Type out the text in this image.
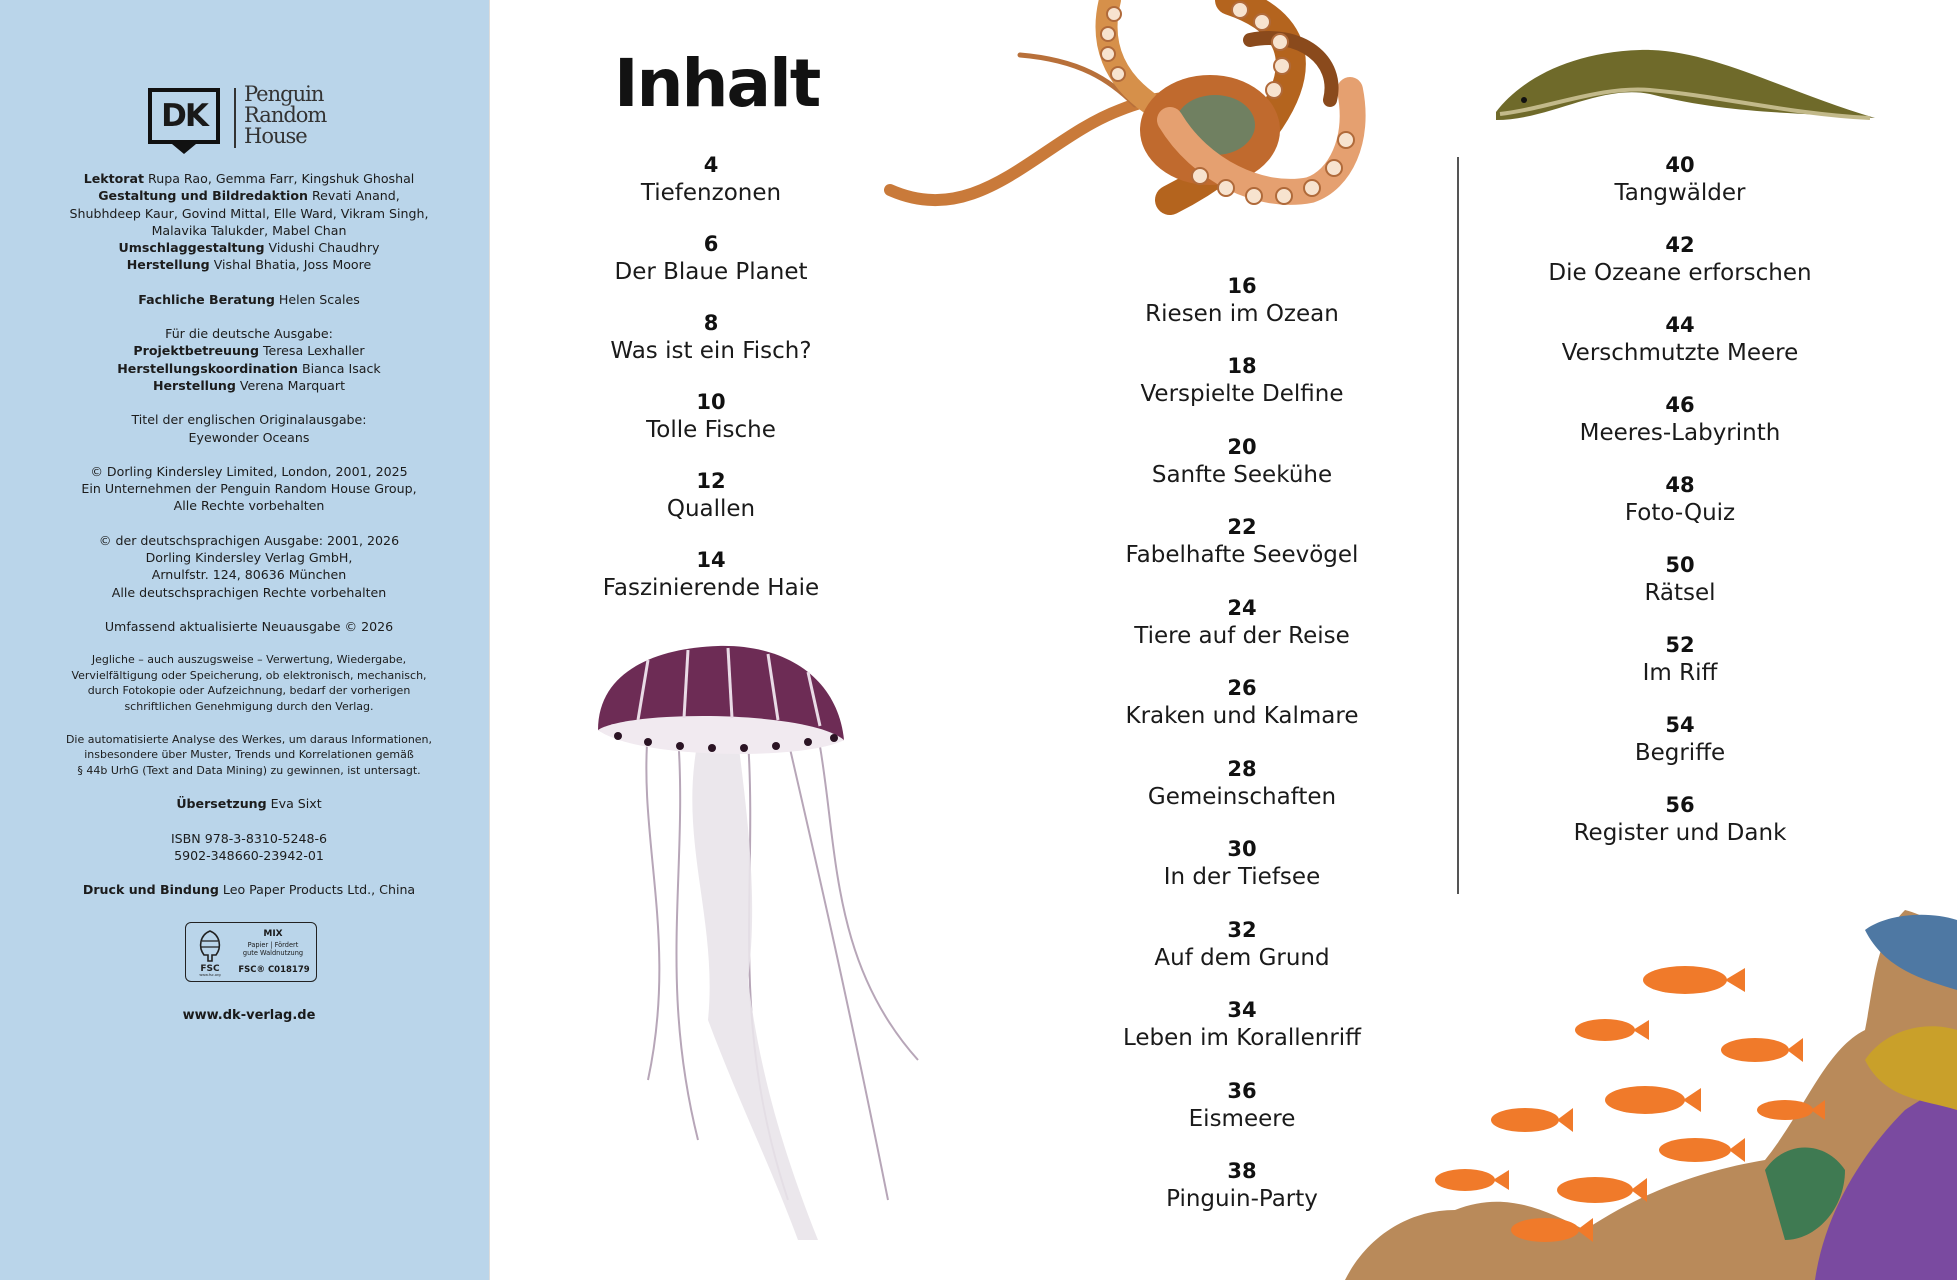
DK
Penguin
Random
House

Lektorat Rupa Rao, Gemma Farr, Kingshuk Ghoshal
Gestaltung und Bildredaktion Revati Anand,
Shubhdeep Kaur, Govind Mittal, Elle Ward, Vikram Singh,
Malavika Talukder, Mabel Chan
Umschlaggestaltung Vidushi Chaudhry
Herstellung Vishal Bhatia, Joss Moore

Fachliche Beratung Helen Scales

Für die deutsche Ausgabe:
Projektbetreuung Teresa Lexhaller
Herstellungskoordination Bianca Isack
Herstellung Verena Marquart

Titel der englischen Originalausgabe:
Eyewonder Oceans

© Dorling Kindersley Limited, London, 2001, 2025
Ein Unternehmen der Penguin Random House Group,
Alle Rechte vorbehalten

© der deutschsprachigen Ausgabe: 2001, 2026
Dorling Kindersley Verlag GmbH,
Arnulfstr. 124, 80636 München
Alle deutschsprachigen Rechte vorbehalten

Umfassend aktualisierte Neuausgabe © 2026

Jegliche – auch auszugsweise – Verwertung, Wiedergabe,
Vervielfältigung oder Speicherung, ob elektronisch, mechanisch,
durch Fotokopie oder Aufzeichnung, bedarf der vorherigen
schriftlichen Genehmigung durch den Verlag.

Die automatisierte Analyse des Werkes, um daraus Informationen,
insbesondere über Muster, Trends und Korrelationen gemäß
§ 44b UrhG (Text and Data Mining) zu gewinnen, ist untersagt.

Übersetzung Eva Sixt

ISBN 978-3-8310-5248-6
5902-348660-23942-01

Druck und Bindung Leo Paper Products Ltd., China

FSC
www.fsc.org
MIX
Papier | Fördert
gute Waldnutzung
FSC® C018179
www.dk-verlag.de
Inhalt
4
Tiefenzonen
6
Der Blaue Planet
8
Was ist ein Fisch?
10
Tolle Fische
12
Quallen
14
Faszinierende Haie
16
Riesen im Ozean
18
Verspielte Delfine
20
Sanfte Seekühe
22
Fabelhafte Seevögel
24
Tiere auf der Reise
26
Kraken und Kalmare
28
Gemeinschaften
30
In der Tiefsee
32
Auf dem Grund
34
Leben im Korallenriff
36
Eismeere
38
Pinguin-Party
40
Tangwälder
42
Die Ozeane erforschen
44
Verschmutzte Meere
46
Meeres-Labyrinth
48
Foto-Quiz
50
Rätsel
52
Im Riff
54
Begriffe
56
Register und Dank
